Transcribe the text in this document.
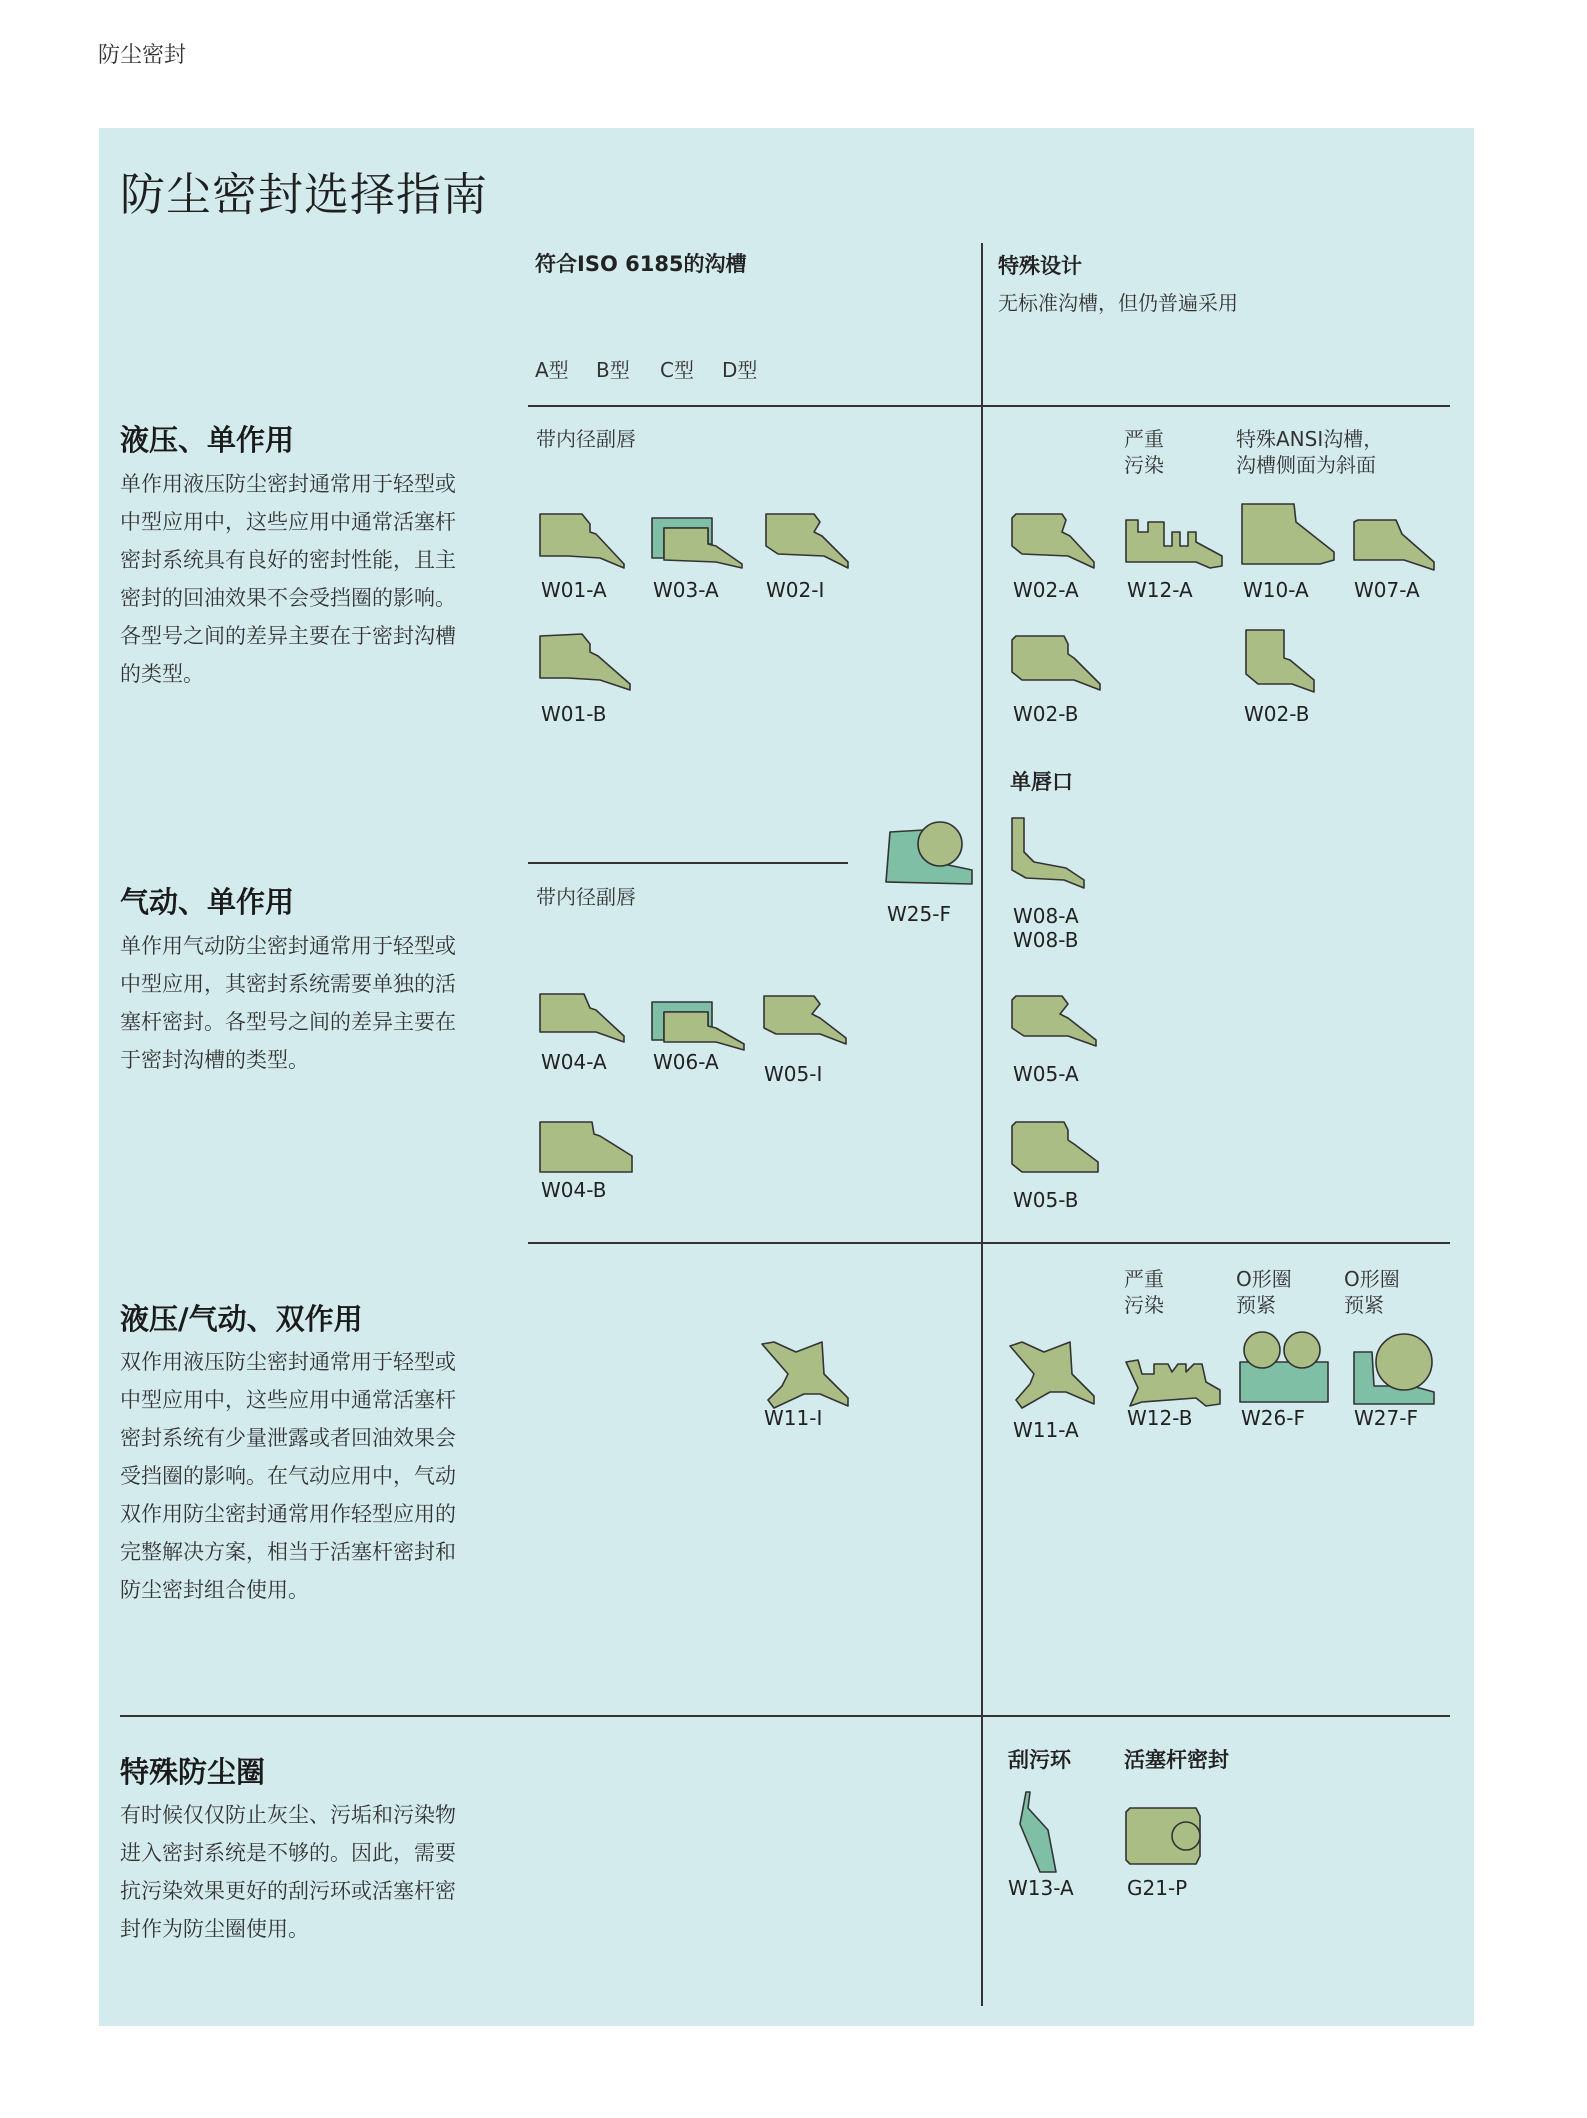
防尘密封
防尘密封选择指南
符合ISO 6185的沟槽
A型 B型 C型 D型
特殊设计
无标准沟槽，但仍普遍采用
液压、单作用
单作用液压防尘密封通常用于轻型或
中型应用中，这些应用中通常活塞杆
密封系统具有良好的密封性能，且主
密封的回油效果不会受挡圈的影响。
各型号之间的差异主要在于密封沟槽
的类型。
带内径副唇	严重
污染
特殊ANSI沟槽，
沟槽侧面为斜面
W01-A W03-A W02-I
W01-B
W02-A W12-A	W10-A W07-A
W02-B	W02-B
单唇口
W08-A
W08-B
气动、单作用
单作用气动防尘密封通常用于轻型或
中型应用，其密封系统需要单独的活
塞杆密封。各型号之间的差异主要在
于密封沟槽的类型。
带内径副唇
W25-F
W04-A W06-A W05-I
W04-B
W05-A
W05-B
液压/气动、双作用
双作用液压防尘密封通常用于轻型或
中型应用中，这些应用中通常活塞杆
密封系统有少量泄露或者回油效果会
受挡圈的影响。在气动应用中，气动
双作用防尘密封通常用作轻型应用的
完整解决方案，相当于活塞杆密封和
防尘密封组合使用。
严重
污染
O形圈
预紧
O形圈
预紧
W11-I	W11-A W12-B W26-F W27-F
特殊防尘圈
有时候仅仅防止灰尘、污垢和污染物
进入密封系统是不够的。因此，需要
抗污染效果更好的刮污环或活塞杆密
封作为防尘圈使用。
刮污环	活塞杆密封
W13-A	G21-P
